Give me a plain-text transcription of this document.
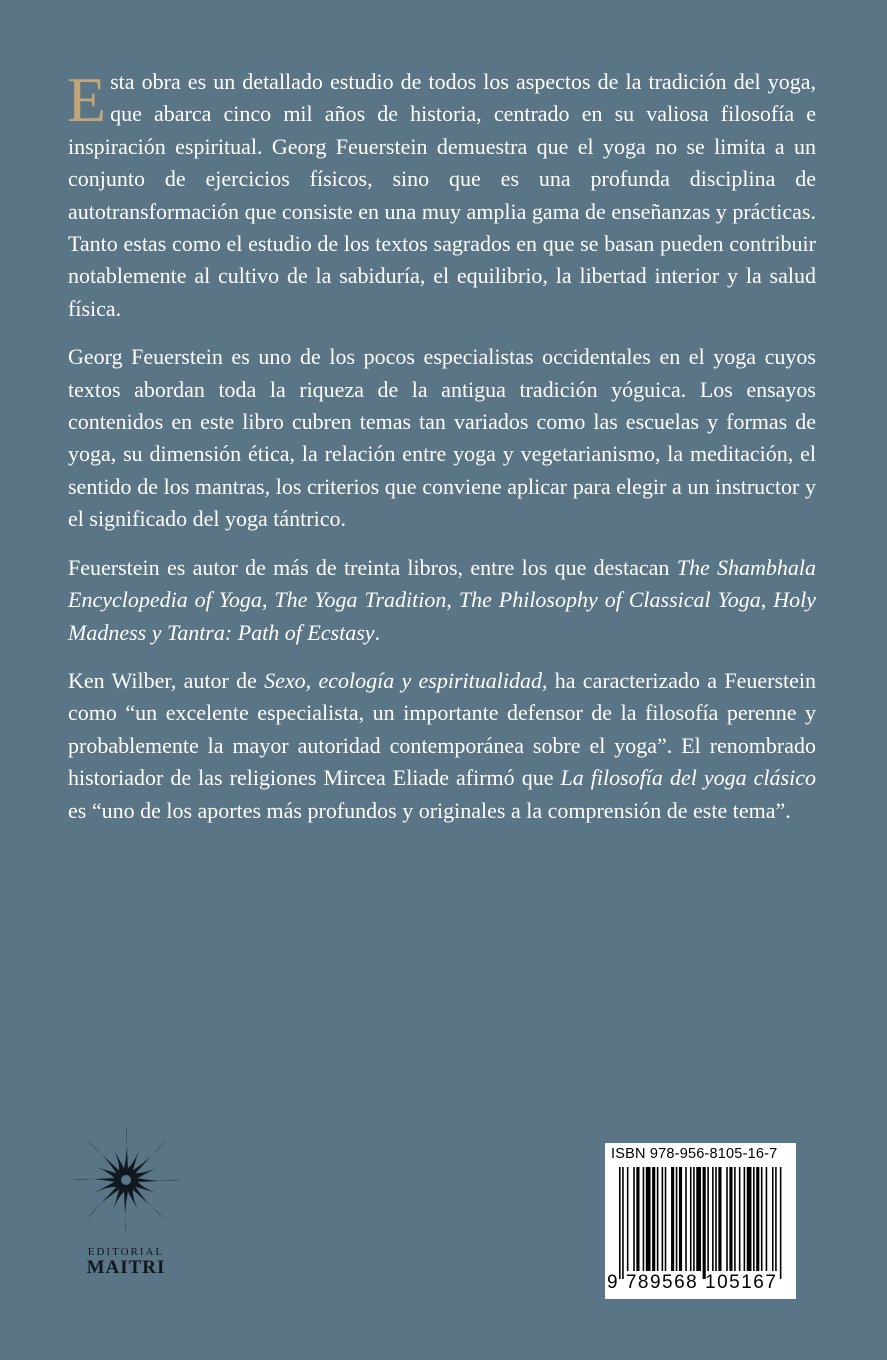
Esta obra es un detallado estudio de todos los aspectos de la tradición del yoga, que abarca cinco mil años de historia, centrado en su valiosa filosofía e inspiración espiritual. Georg Feuerstein demuestra que el yoga no se limita a un conjunto de ejercicios físicos, sino que es una profunda disciplina de autotransformación que consiste en una muy amplia gama de enseñanzas y prácticas. Tanto estas como el estudio de los textos sagrados en que se basan pueden contribuir notablemente al cultivo de la sabiduría, el equilibrio, la libertad interior y la salud física.

Georg Feuerstein es uno de los pocos especialistas occidentales en el yoga cuyos textos abordan toda la riqueza de la antigua tradición yóguica. Los ensayos contenidos en este libro cubren temas tan variados como las escuelas y formas de yoga, su dimensión ética, la relación entre yoga y vegetarianismo, la meditación, el sentido de los mantras, los criterios que conviene aplicar para elegir a un instructor y el significado del yoga tántrico.

Feuerstein es autor de más de treinta libros, entre los que destacan The Shambhala Encyclopedia of Yoga, The Yoga Tradition, The Philosophy of Classical Yoga, Holy Madness y Tantra: Path of Ecstasy.

Ken Wilber, autor de Sexo, ecología y espiritualidad, ha caracterizado a Feuerstein como “un excelente especialista, un importante defensor de la filosofía perenne y probablemente la mayor autoridad contemporánea sobre el yoga”. El renombrado historiador de las religiones Mircea Eliade afirmó que La filosofía del yoga clásico es “uno de los aportes más profundos y originales a la comprensión de este tema”.

EDITORIAL
MAITRI
ISBN 978-956-8105-16-7
9 789568 105167
